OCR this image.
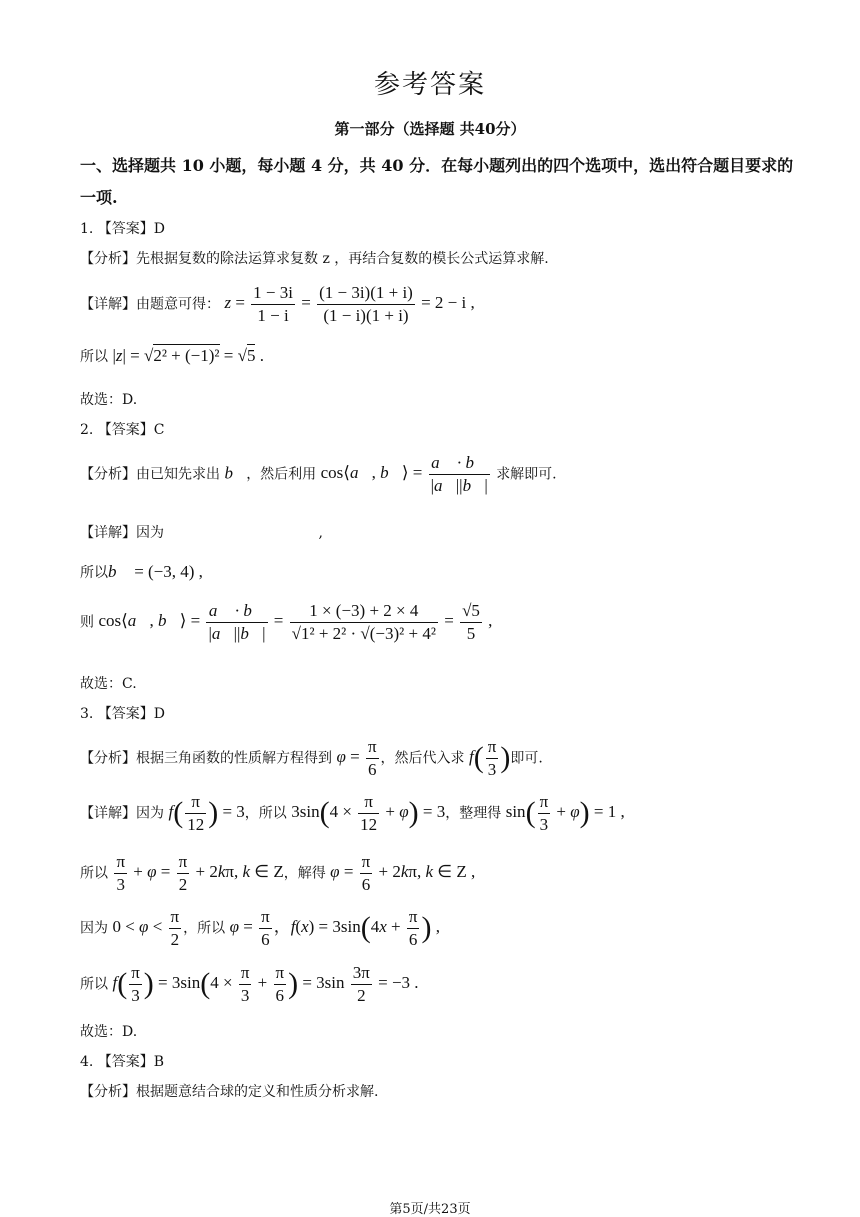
参考答案
第一部分（选择题 共40分）
一、选择题共 10 小题，每小题 4 分，共 40 分．在每小题列出的四个选项中，选出符合题目要求的一项.
1. 【答案】D
【分析】先根据复数的除法运算求复数 z ，再结合复数的模长公式运算求解.
【详解】由题意可得： $z = \frac{1 - 3i}{1 - i} = \frac{(1 - 3i)(1 + i)}{(1 - i)(1 + i)} = 2 - i$ ,
所以 |z| = √2² + (−1)² = √5 .
故选：D.
2. 【答案】C
【分析】由已知先求出 b⃗，然后利用 cos⟨a⃗, b⃗⟩ = $\frac{a⃗ \cdot b⃗}{|a⃗||b⃗|}$ 求解即可.
【详解】因为	,
所以b⃗ = (−3, 4) ,
则 cos⟨a⃗, b⃗⟩ = $\frac{a⃗ \cdot b⃗}{|a⃗||b⃗|} = \frac{1 \times (-3) + 2 \times 4}{\text{√1² + 2² · √(−3)² + 4²}} = \frac{√5}{5}$ ,
故选：C.
3. 【答案】D
【分析】根据三角函数的性质解方程得到 $\varphi = \frac{\pi}{6}$ ，然后代入求 $f( \frac{\pi}{3}$ )即可.
【详解】因为 $f( \frac{\pi}{12}$ ) = 3，所以 $3\sin(4 \times \frac{\pi}{12} + \varphi) = 3$，整理得 $\sin( \frac{\pi}{3} + \varphi) = 1$ ,
所以 $\frac{\pi}{3} + \varphi = \frac{\pi}{2} + 2k\pi$, k ∈ Z，解得 $\varphi = \frac{\pi}{6} + 2k\pi$, k ∈ Z ,
因为 $0 < \varphi < \frac{\pi}{2}$ ，所以 $\varphi = \frac{\pi}{6}$ ，$f(x) = 3\sin(4x + \frac{\pi}{6}$ ) ,
所以 $f( \frac{\pi}{3}$ ) = $3\sin(4 \times \frac{\pi}{3} + \frac{\pi}{6}$ ) = $3\sin \frac{3\pi}{2} = -3$ .
故选：D.
4. 【答案】B
【分析】根据题意结合球的定义和性质分析求解.
第5页/共23页
